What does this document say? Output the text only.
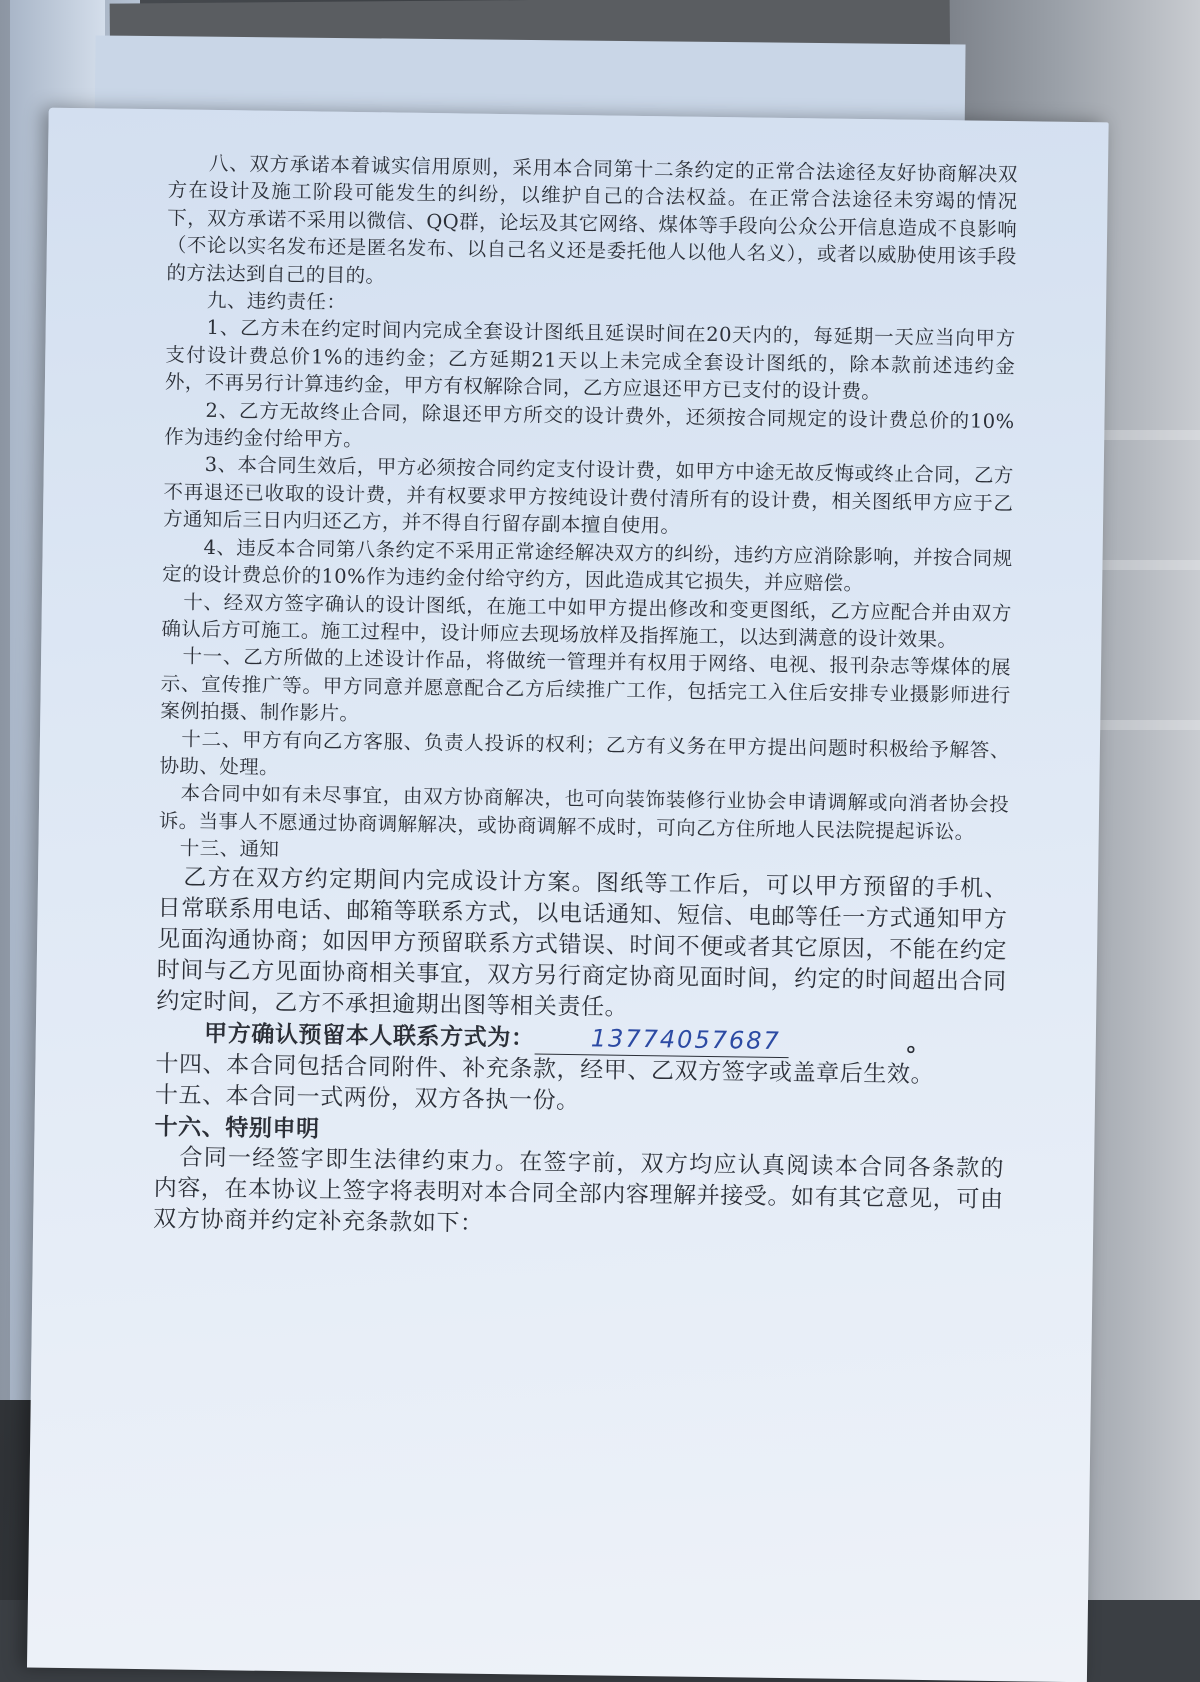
八、双方承诺本着诚实信用原则，采用本合同第十二条约定的正常合法途径友好协商解决双方在设计及施工阶段可能发生的纠纷，以维护自己的合法权益。在正常合法途径未穷竭的情况下，双方承诺不采用以微信、QQ群，论坛及其它网络、煤体等手段向公众公开信息造成不良影响（不论以实名发布还是匿名发布、以自己名义还是委托他人以他人名义），或者以威胁使用该手段的方法达到自己的目的。

九、违约责任：

1、乙方未在约定时间内完成全套设计图纸且延误时间在20天内的，每延期一天应当向甲方支付设计费总价1%的违约金；乙方延期21天以上未完成全套设计图纸的，除本款前述违约金外，不再另行计算违约金，甲方有权解除合同，乙方应退还甲方已支付的设计费。

2、乙方无故终止合同，除退还甲方所交的设计费外，还须按合同规定的设计费总价的10%作为违约金付给甲方。

3、本合同生效后，甲方必须按合同约定支付设计费，如甲方中途无故反悔或终止合同，乙方不再退还已收取的设计费，并有权要求甲方按纯设计费付清所有的设计费，相关图纸甲方应于乙方通知后三日内归还乙方，并不得自行留存副本擅自使用。

4、违反本合同第八条约定不采用正常途经解决双方的纠纷，违约方应消除影响，并按合同规定的设计费总价的10%作为违约金付给守约方，因此造成其它损失，并应赔偿。

十、经双方签字确认的设计图纸，在施工中如甲方提出修改和变更图纸，乙方应配合并由双方确认后方可施工。施工过程中，设计师应去现场放样及指挥施工，以达到满意的设计效果。

十一、乙方所做的上述设计作品，将做统一管理并有权用于网络、电视、报刊杂志等煤体的展示、宣传推广等。甲方同意并愿意配合乙方后续推广工作，包括完工入住后安排专业摄影师进行案例拍摄、制作影片。

十二、甲方有向乙方客服、负责人投诉的权利；乙方有义务在甲方提出问题时积极给予解答、协助、处理。

本合同中如有未尽事宜，由双方协商解决，也可向装饰装修行业协会申请调解或向消者协会投诉。当事人不愿通过协商调解解决，或协商调解不成时，可向乙方住所地人民法院提起诉讼。

十三、通知

乙方在双方约定期间内完成设计方案。图纸等工作后，可以甲方预留的手机、日常联系用电话、邮箱等联系方式，以电话通知、短信、电邮等任一方式通知甲方见面沟通协商；如因甲方预留联系方式错误、时间不便或者其它原因，不能在约定时间与乙方见面协商相关事宜，双方另行商定协商见面时间，约定的时间超出合同约定时间，乙方不承担逾期出图等相关责任。

甲方确认预留本人联系方式为： 13774057687	。

十四、本合同包括合同附件、补充条款，经甲、乙双方签字或盖章后生效。

十五、本合同一式两份，双方各执一份。

十六、特别申明

合同一经签字即生法律约束力。在签字前，双方均应认真阅读本合同各条款的内容，在本协议上签字将表明对本合同全部内容理解并接受。如有其它意见，可由双方协商并约定补充条款如下：
